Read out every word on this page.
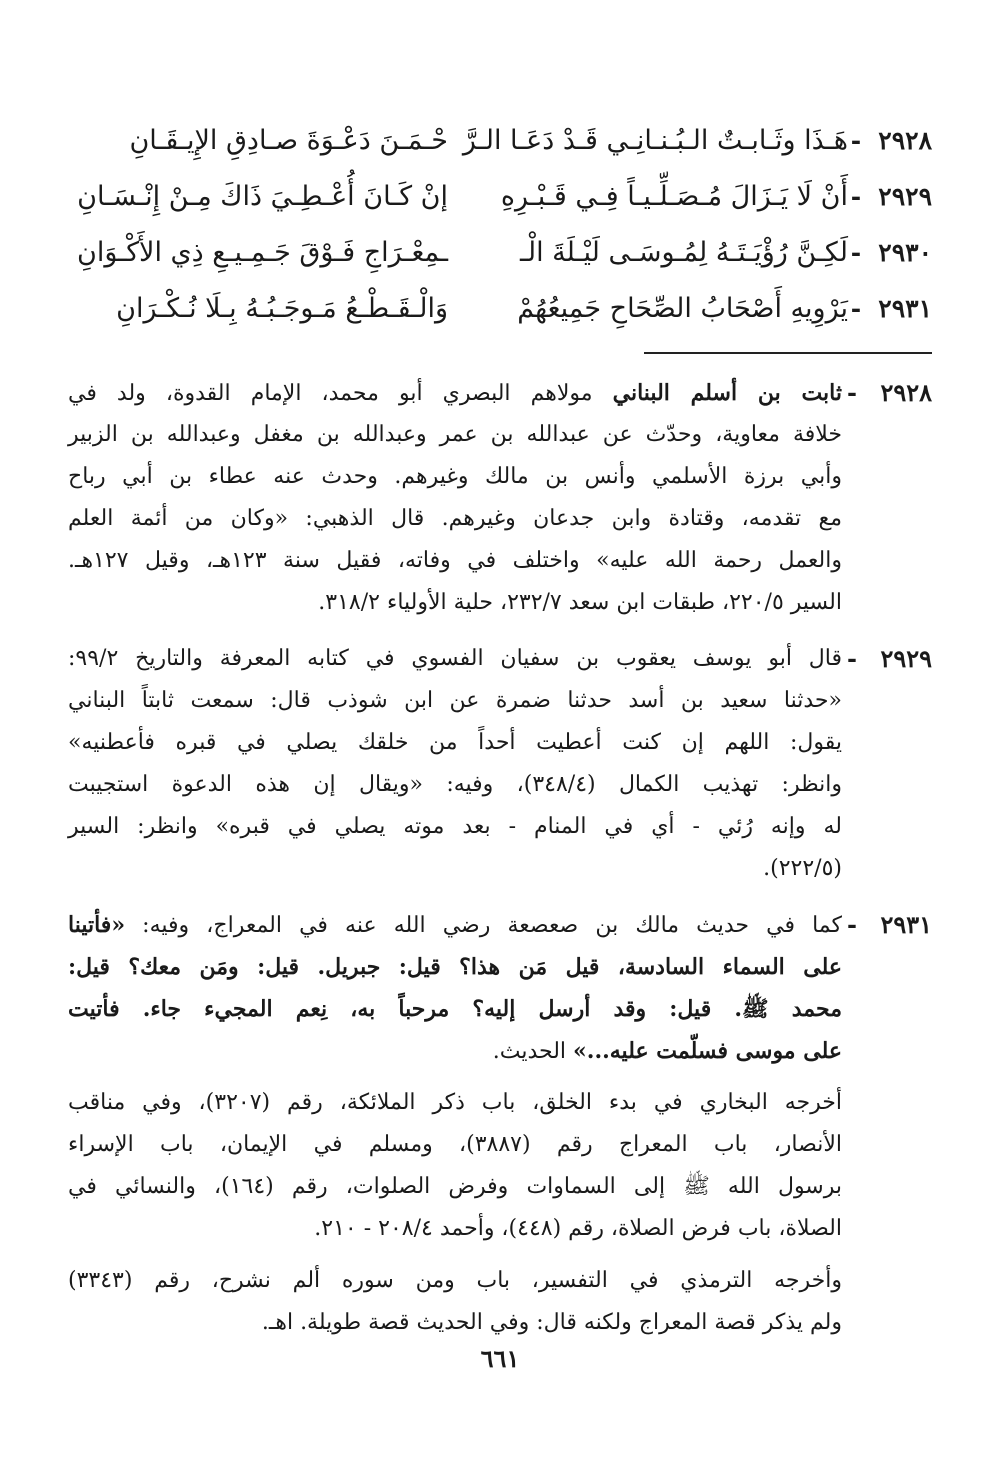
٢٩٢٨
-
هَـذَا وثَـابـتٌ الـبُـنـانِـي قَـدْ دَعَـا الـرَّ
حْـمَـنَ دَعْـوَةَ صـادِقِ الإِيـقَـانِ
٢٩٢٩
-
أَنْ لَا يَـزَالَ مُـصَـلِّـيـاً فِـي قَـبْـرِهِ
إنْ كَـانَ أُعْـطِـيَ ذَاكَ مِـنْ إِنْـسَـانِ
٢٩٣٠
-
لَكِـنَّ رُؤْيَـتَـهُ لِمُـوسَـى لَيْـلَةَ الْـ
ـمِعْـرَاجِ فَـوْقَ جَـمِـيـعِ ذِي الأَكْـوَانِ
٢٩٣١
-
يَرْوِيهِ أَصْحَابُ الصِّحَاحِ جَمِيعُهُمْ
وَالْـقَـطْـعُ مَـوجَـبُـهُ بِـلَا نُـكْـرَانِ
٢٩٢٨
-
ثابت بن أسلم البناني مولاهم البصري أبو محمد، الإمام القدوة، ولد في
خلافة معاوية، وحدّث عن عبدالله بن عمر وعبدالله بن مغفل وعبدالله بن الزبير
وأبي برزة الأسلمي وأنس بن مالك وغيرهم. وحدث عنه عطاء بن أبي رباح
مع تقدمه، وقتادة وابن جدعان وغيرهم. قال الذهبي: «وكان من أئمة العلم
والعمل رحمة الله عليه» واختلف في وفاته، فقيل سنة ١٢٣هـ، وقيل ١٢٧هـ.
السير ٢٢٠/٥، طبقات ابن سعد ٢٣٢/٧، حلية الأولياء ٣١٨/٢.
٢٩٢٩
-
قال أبو يوسف يعقوب بن سفيان الفسوي في كتابه المعرفة والتاريخ ٩٩/٢:
«حدثنا سعيد بن أسد حدثنا ضمرة عن ابن شوذب قال: سمعت ثابتاً البناني
يقول: اللهم إن كنت أعطيت أحداً من خلقك يصلي في قبره فأعطنيه»
وانظر: تهذيب الكمال (٣٤٨/٤)، وفيه: «ويقال إن هذه الدعوة استجيبت
له وإنه رُئي - أي في المنام - بعد موته يصلي في قبره» وانظر: السير
(٢٢٢/٥).
٢٩٣١
-
كما في حديث مالك بن صعصعة رضي الله عنه في المعراج، وفيه: «فأتينا
على السماء السادسة، قيل مَن هذا؟ قيل: جبريل. قيل: ومَن معك؟ قيل:
محمد ﷺ. قيل: وقد أرسل إليه؟ مرحباً به، نِعم المجيء جاء. فأتيت
على موسى فسلّمت عليه...» الحديث.
أخرجه البخاري في بدء الخلق، باب ذكر الملائكة، رقم (٣٢٠٧)، وفي مناقب
الأنصار، باب المعراج رقم (٣٨٨٧)، ومسلم في الإيمان، باب الإسراء
برسول الله ﷺ إلى السماوات وفرض الصلوات، رقم (١٦٤)، والنسائي في
الصلاة، باب فرض الصلاة، رقم (٤٤٨)، وأحمد ٢٠٨/٤ - ٢١٠.
وأخرجه الترمذي في التفسير، باب ومن سوره ألم نشرح، رقم (٣٣٤٣)
ولم يذكر قصة المعراج ولكنه قال: وفي الحديث قصة طويلة. اهـ.
٦٦١
